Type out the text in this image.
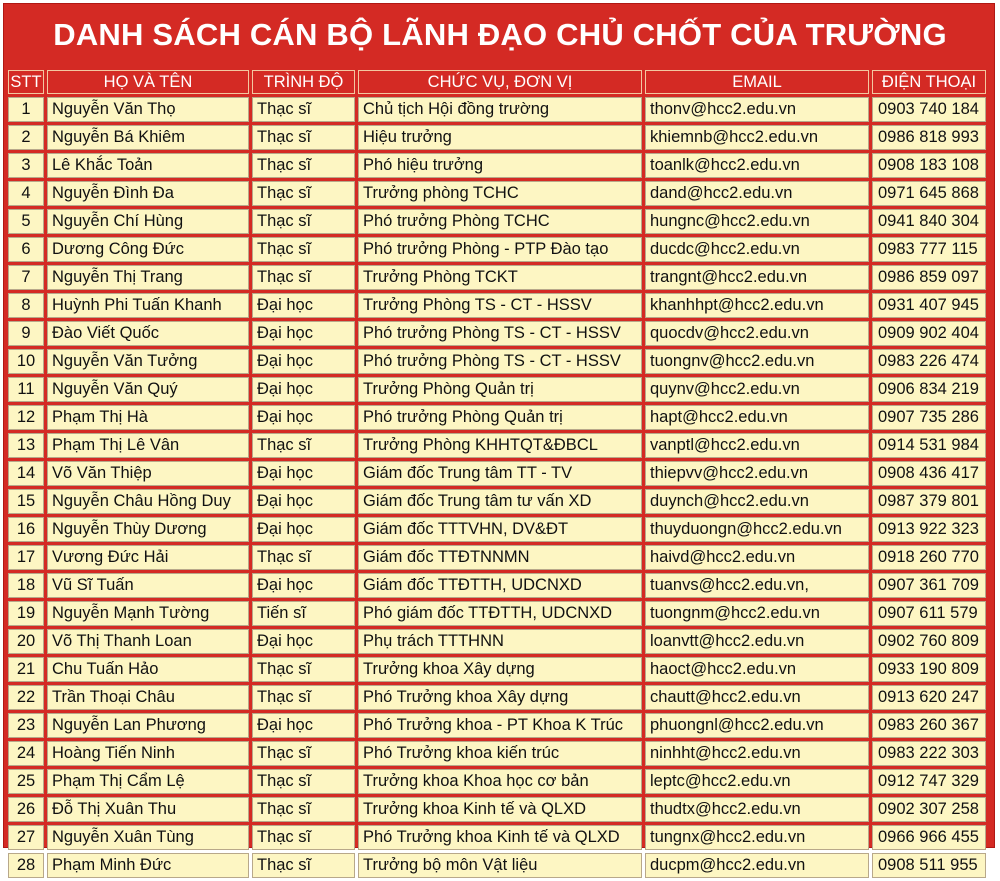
DANH SÁCH CÁN BỘ LÃNH ĐẠO CHỦ CHỐT CỦA TRƯỜNG
STT	HỌ VÀ TÊN	TRÌNH ĐỘ	CHỨC VỤ, ĐƠN VỊ	EMAIL	ĐIỆN THOẠI
1	Nguyễn Văn Thọ	Thạc sĩ	Chủ tịch Hội đồng trường	thonv@hcc2.edu.vn	0903 740 184
2	Nguyễn Bá Khiêm	Thạc sĩ	Hiệu trưởng	khiemnb@hcc2.edu.vn	0986 818 993
3	Lê Khắc Toản	Thạc sĩ	Phó hiệu trưởng	toanlk@hcc2.edu.vn	0908 183 108
4	Nguyễn Đình Đa	Thạc sĩ	Trưởng phòng TCHC	dand@hcc2.edu.vn	0971 645 868
5	Nguyễn Chí Hùng	Thạc sĩ	Phó trưởng Phòng TCHC	hungnc@hcc2.edu.vn	0941 840 304
6	Dương Công Đức	Thạc sĩ	Phó trưởng Phòng - PTP Đào tạo	ducdc@hcc2.edu.vn	0983 777 115
7	Nguyễn Thị Trang	Thạc sĩ	Trưởng Phòng TCKT	trangnt@hcc2.edu.vn	0986 859 097
8	Huỳnh Phi Tuấn Khanh	Đại học	Trưởng Phòng TS - CT - HSSV	khanhhpt@hcc2.edu.vn	0931 407 945
9	Đào Viết Quốc	Đại học	Phó trưởng Phòng TS - CT - HSSV	quocdv@hcc2.edu.vn	0909 902 404
10	Nguyễn Văn Tưởng	Đại học	Phó trưởng Phòng TS - CT - HSSV	tuongnv@hcc2.edu.vn	0983 226 474
11	Nguyễn Văn Quý	Đại học	Trưởng Phòng Quản trị	quynv@hcc2.edu.vn	0906 834 219
12	Phạm Thị Hà	Đại học	Phó trưởng Phòng Quản trị	hapt@hcc2.edu.vn	0907 735 286
13	Phạm Thị Lê Vân	Thạc sĩ	Trưởng Phòng KHHTQT&ĐBCL	vanptl@hcc2.edu.vn	0914 531 984
14	Võ Văn Thiệp	Đại học	Giám đốc Trung tâm TT - TV	thiepvv@hcc2.edu.vn	0908 436 417
15	Nguyễn Châu Hồng Duy	Đại học	Giám đốc Trung tâm tư vấn XD	duynch@hcc2.edu.vn	0987 379 801
16	Nguyễn Thùy Dương	Đại học	Giám đốc TTTVHN, DV&ĐT	thuyduongn@hcc2.edu.vn	0913 922 323
17	Vương Đức Hải	Thạc sĩ	Giám đốc TTĐTNNMN	haivd@hcc2.edu.vn	0918 260 770
18	Vũ Sĩ Tuấn	Đại học	Giám đốc TTĐTTH, UDCNXD	tuanvs@hcc2.edu.vn,	0907 361 709
19	Nguyễn Mạnh Tường	Tiến sĩ	Phó giám đốc TTĐTTH, UDCNXD	tuongnm@hcc2.edu.vn	0907 611 579
20	Võ Thị Thanh Loan	Đại học	Phụ trách TTTHNN	loanvtt@hcc2.edu.vn	0902 760 809
21	Chu Tuấn Hảo	Thạc sĩ	Trưởng khoa Xây dựng	haoct@hcc2.edu.vn	0933 190 809
22	Trần Thoại Châu	Thạc sĩ	Phó Trưởng khoa Xây dựng	chautt@hcc2.edu.vn	0913 620 247
23	Nguyễn Lan Phương	Đại học	Phó Trưởng khoa - PT Khoa K Trúc	phuongnl@hcc2.edu.vn	0983 260 367
24	Hoàng Tiến Ninh	Thạc sĩ	Phó Trưởng khoa kiến trúc	ninhht@hcc2.edu.vn	0983 222 303
25	Phạm Thị Cẩm Lệ	Thạc sĩ	Trưởng khoa Khoa học cơ bản	leptc@hcc2.edu.vn	0912 747 329
26	Đỗ Thị Xuân Thu	Thạc sĩ	Trưởng khoa Kinh tế và QLXD	thudtx@hcc2.edu.vn	0902 307 258
27	Nguyễn Xuân Tùng	Thạc sĩ	Phó Trưởng khoa Kinh tế và QLXD	tungnx@hcc2.edu.vn	0966 966 455
28	Phạm Minh Đức	Thạc sĩ	Trưởng bộ môn Vật liệu	ducpm@hcc2.edu.vn	0908 511 955
